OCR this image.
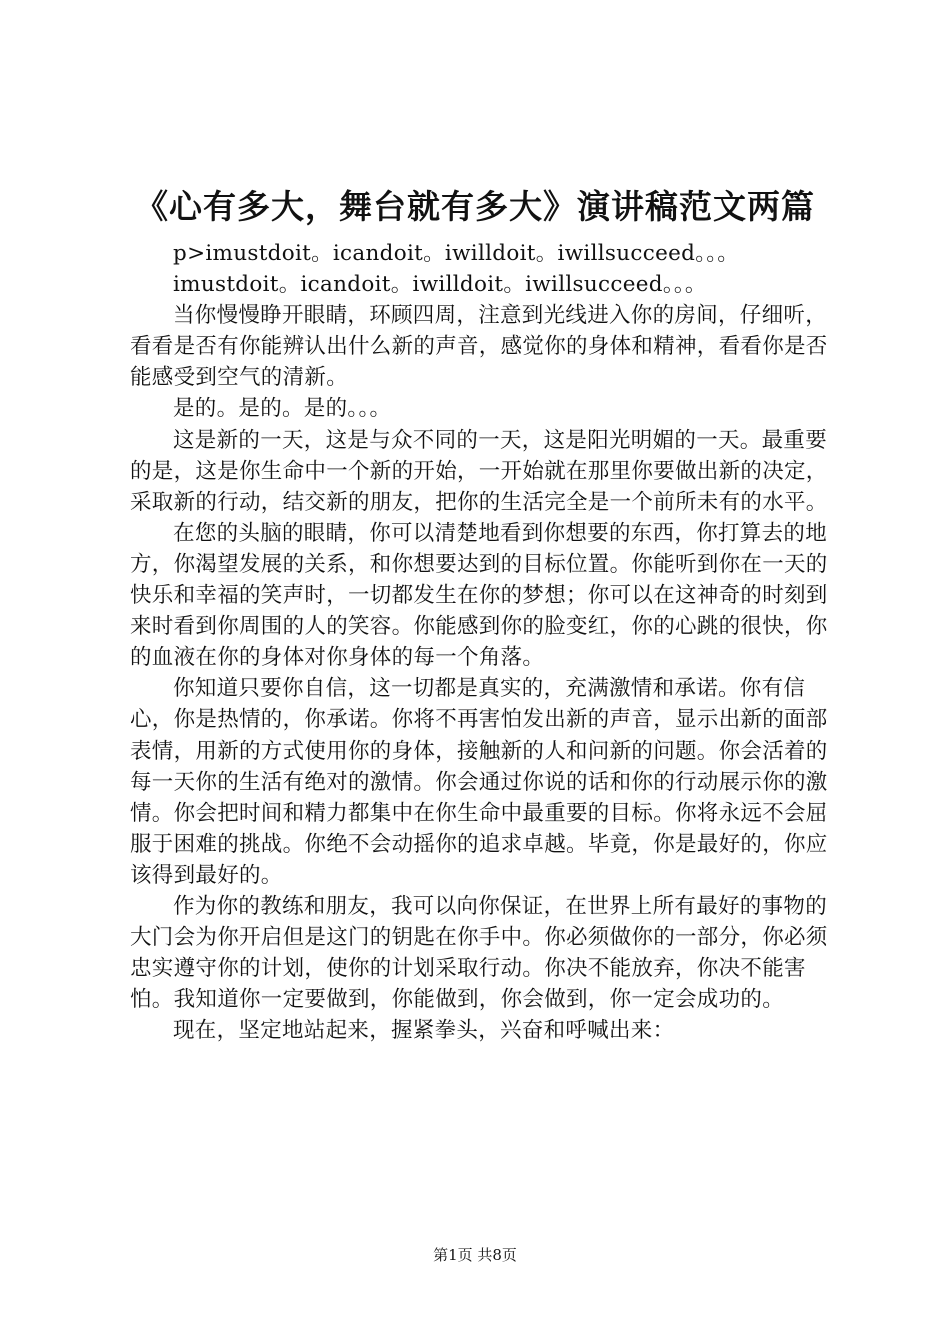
《心有多大，舞台就有多大》演讲稿范文两篇

p>imustdoit。icandoit。iwilldoit。iwillsucceed。。。

imustdoit。icandoit。iwilldoit。iwillsucceed。。。

当你慢慢睁开眼睛，环顾四周，注意到光线进入你的房间，仔细听，看看是否有你能辨认出什么新的声音，感觉你的身体和精神，看看你是否能感受到空气的清新。

是的。是的。是的。。。

这是新的一天，这是与众不同的一天，这是阳光明媚的一天。最重要的是，这是你生命中一个新的开始，一开始就在那里你要做出新的决定，采取新的行动，结交新的朋友，把你的生活完全是一个前所未有的水平。

在您的头脑的眼睛，你可以清楚地看到你想要的东西，你打算去的地方，你渴望发展的关系，和你想要达到的目标位置。你能听到你在一天的快乐和幸福的笑声时，一切都发生在你的梦想；你可以在这神奇的时刻到来时看到你周围的人的笑容。你能感到你的脸变红，你的心跳的很快，你的血液在你的身体对你身体的每一个角落。

你知道只要你自信，这一切都是真实的，充满激情和承诺。你有信心，你是热情的，你承诺。你将不再害怕发出新的声音，显示出新的面部表情，用新的方式使用你的身体，接触新的人和问新的问题。你会活着的每一天你的生活有绝对的激情。你会通过你说的话和你的行动展示你的激情。你会把时间和精力都集中在你生命中最重要的目标。你将永远不会屈服于困难的挑战。你绝不会动摇你的追求卓越。毕竟，你是最好的，你应该得到最好的。

作为你的教练和朋友，我可以向你保证，在世界上所有最好的事物的大门会为你开启但是这门的钥匙在你手中。你必须做你的一部分，你必须忠实遵守你的计划，使你的计划采取行动。你决不能放弃，你决不能害怕。我知道你一定要做到，你能做到，你会做到，你一定会成功的。

现在，坚定地站起来，握紧拳头，兴奋和呼喊出来：

第1页 共8页
